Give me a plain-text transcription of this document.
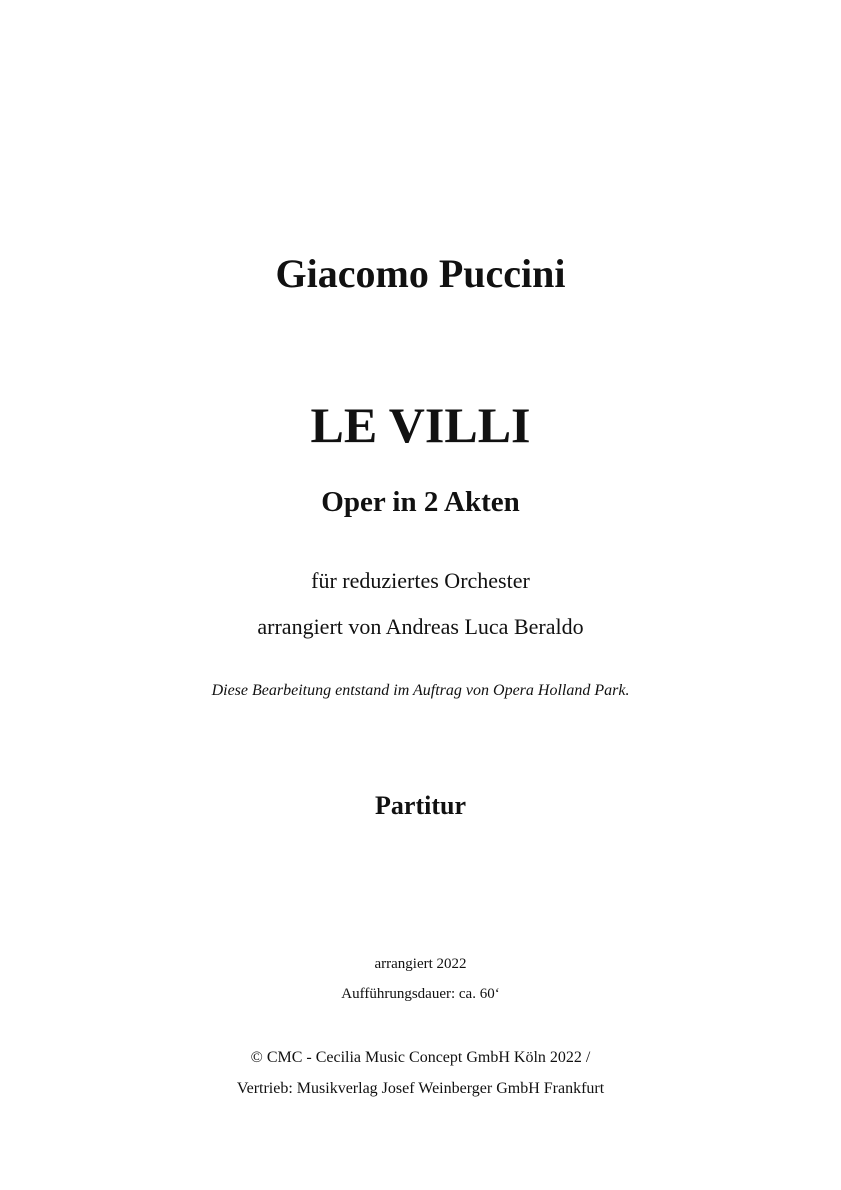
Giacomo Puccini
LE VILLI
Oper in 2 Akten
für reduziertes Orchester
arrangiert von Andreas Luca Beraldo
Diese Bearbeitung entstand im Auftrag von Opera Holland Park.
Partitur
arrangiert 2022
Aufführungsdauer: ca. 60‘
© CMC - Cecilia Music Concept GmbH Köln 2022 /
Vertrieb: Musikverlag Josef Weinberger GmbH Frankfurt
